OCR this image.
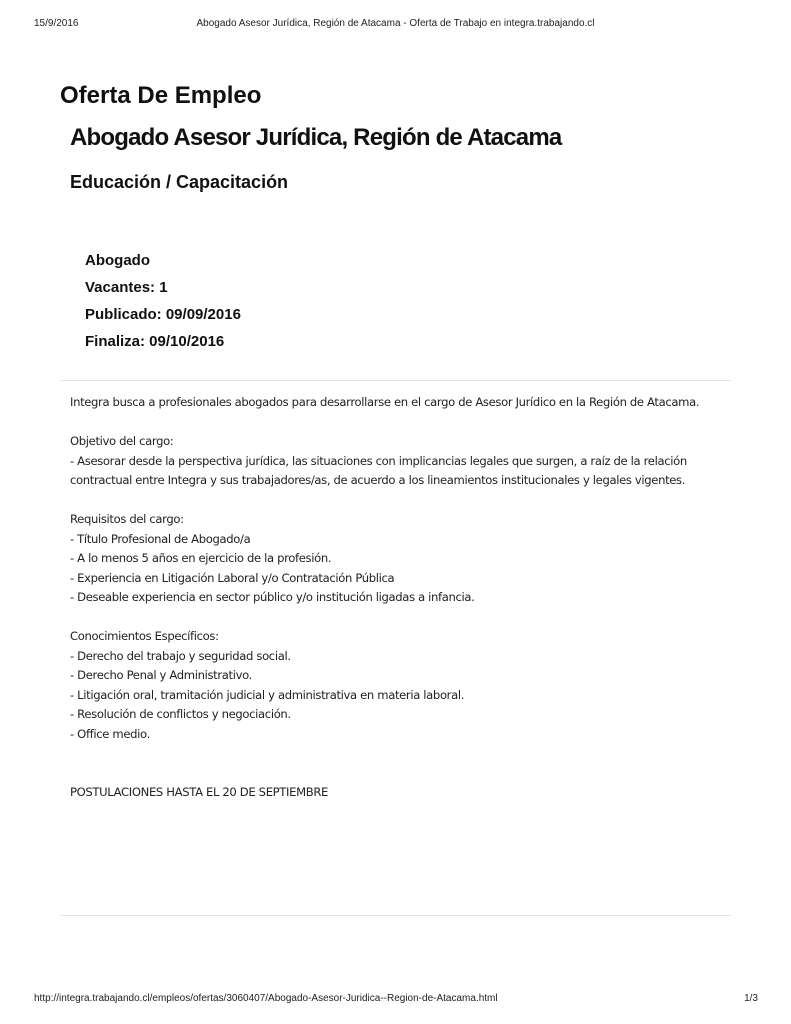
15/9/2016	Abogado Asesor Jurídica, Región de Atacama - Oferta de Trabajo en integra.trabajando.cl
Oferta De Empleo
Abogado Asesor Jurídica, Región de Atacama
Educación / Capacitación
Abogado
Vacantes: 1
Publicado: 09/09/2016
Finaliza: 09/10/2016
Integra busca a profesionales abogados para desarrollarse en el cargo de Asesor Jurídico en la Región de Atacama.
Objetivo del cargo:
- Asesorar desde la perspectiva jurídica, las situaciones con implicancias legales que surgen, a raíz de la relación
contractual entre Integra y sus trabajadores/as, de acuerdo a los lineamientos institucionales y legales vigentes.
Requisitos del cargo:
- Título Profesional de Abogado/a
- A lo menos 5 años en ejercicio de la profesión.
- Experiencia en Litigación Laboral y/o Contratación Pública
- Deseable experiencia en sector público y/o institución ligadas a infancia.
Conocimientos Específicos:
- Derecho del trabajo y seguridad social.
- Derecho Penal y Administrativo.
- Litigación oral, tramitación judicial y administrativa en materia laboral.
- Resolución de conflictos y negociación.
- Office medio.
POSTULACIONES HASTA EL 20 DE SEPTIEMBRE
http://integra.trabajando.cl/empleos/ofertas/3060407/Abogado-Asesor-Juridica--Region-de-Atacama.html	1/3
